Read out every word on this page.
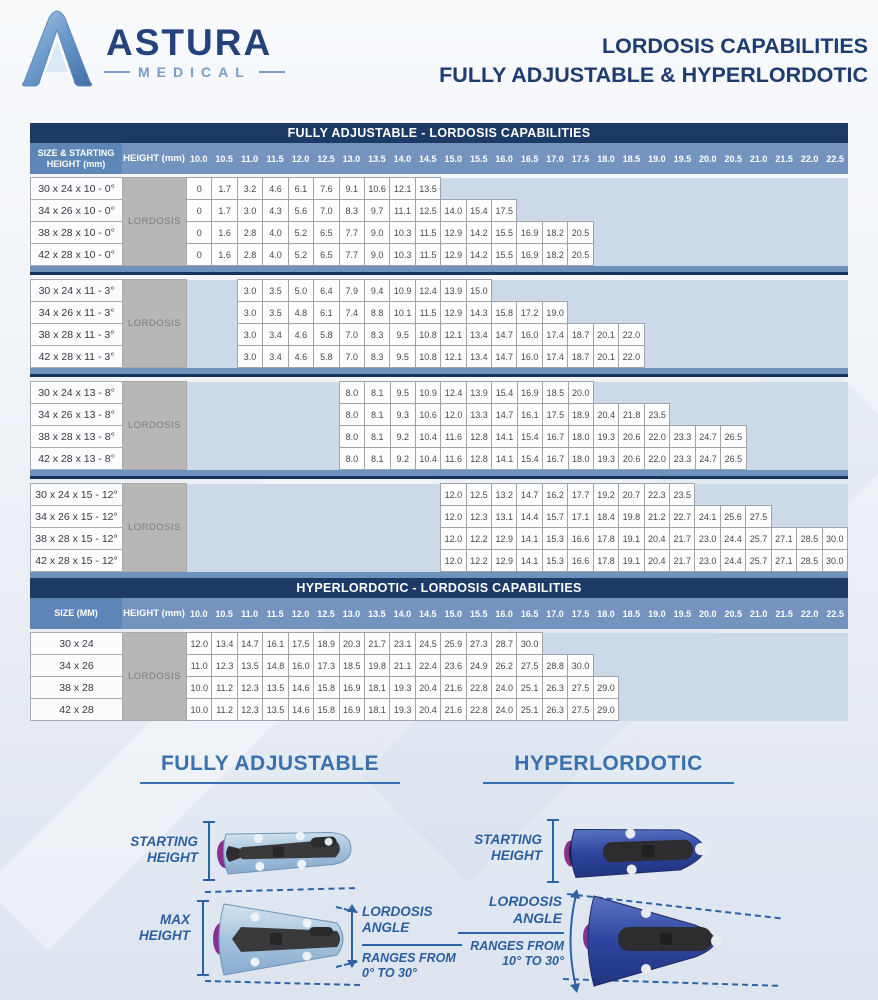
ASTURA
MEDICAL
LORDOSIS CAPABILITIES
FULLY ADJUSTABLE & HYPERLORDOTIC
FULLY ADJUSTABLE - LORDOSIS CAPABILITIES
SIZE & STARTING HEIGHT (mm)	HEIGHT (mm)	10.0	10.5	11.0	11.5	12.0	12.5	13.0	13.5	14.0	14.5	15.0	15.5	16.0	16.5	17.0	17.5	18.0	18.5	19.0	19.5	20.0	20.5	21.0	21.5	22.0	22.5
30 x 24 x 10 - 0°	LORDOSIS	0	1.7	3.2	4.6	6.1	7.6	9.1	10.6	12.1	13.5																
34 x 26 x 10 - 0°		0	1.7	3.0	4.3	5.6	7.0	8.3	9.7	11.1	12.5	14.0	15.4	17.5													
38 x 28 x 10 - 0°		0	1.6	2.8	4.0	5.2	6.5	7.7	9.0	10.3	11.5	12.9	14.2	15.5	16.9	18.2	20.5										
42 x 28 x 10 - 0°		0	1.6	2.8	4.0	5.2	6.5	7.7	9.0	10.3	11.5	12.9	14.2	15.5	16.9	18.2	20.5										
30 x 24 x 11 - 3°	LORDOSIS			3.0	3.5	5.0	6.4	7.9	9.4	10.9	12.4	13.9	15.0														
34 x 26 x 11 - 3°				3.0	3.5	4.8	6.1	7.4	8.8	10.1	11.5	12.9	14.3	15.8	17.2	19.0											
38 x 28 x 11 - 3°				3.0	3.4	4.6	5.8	7.0	8.3	9.5	10.8	12.1	13.4	14.7	16.0	17.4	18.7	20.1	22.0								
42 x 28 x 11 - 3°				3.0	3.4	4.6	5.8	7.0	8.3	9.5	10.8	12.1	13.4	14.7	16.0	17.4	18.7	20.1	22.0								
30 x 24 x 13 - 8°	LORDOSIS							8.0	8.1	9.5	10.9	12.4	13.9	15.4	16.9	18.5	20.0										
34 x 26 x 13 - 8°								8.0	8.1	9.3	10.6	12.0	13.3	14.7	16.1	17.5	18.9	20.4	21.8	23.5							
38 x 28 x 13 - 8°								8.0	8.1	9.2	10.4	11.6	12.8	14.1	15.4	16.7	18.0	19.3	20.6	22.0	23.3	24.7	26.5				
42 x 28 x 13 - 8°								8.0	8.1	9.2	10.4	11.6	12.8	14.1	15.4	16.7	18.0	19.3	20.6	22.0	23.3	24.7	26.5				
30 x 24 x 15 - 12°	LORDOSIS											12.0	12.5	13.2	14.7	16.2	17.7	19.2	20.7	22.3	23.5						
34 x 26 x 15 - 12°												12.0	12.3	13.1	14.4	15.7	17.1	18.4	19.8	21.2	22.7	24.1	25.6	27.5			
38 x 28 x 15 - 12°												12.0	12.2	12.9	14.1	15.3	16.6	17.8	19.1	20.4	21.7	23.0	24.4	25.7	27.1	28.5	30.0
42 x 28 x 15 - 12°												12.0	12.2	12.9	14.1	15.3	16.6	17.8	19.1	20.4	21.7	23.0	24.4	25.7	27.1	28.5	30.0
HYPERLORDOTIC - LORDOSIS CAPABILITIES
SIZE (MM)	HEIGHT (mm)	10.0	10.5	11.0	11.5	12.0	12.5	13.0	13.5	14.0	14.5	15.0	15.5	16.0	16.5	17.0	17.5	18.0	18.5	19.0	19.5	20.0	20.5	21.0	21.5	22.0	22.5
30 x 24	LORDOSIS	12.0	13.4	14.7	16.1	17.5	18.9	20.3	21.7	23.1	24.5	25.9	27.3	28.7	30.0												
34 x 26		11.0	12.3	13.5	14.8	16.0	17.3	18.5	19.8	21.1	22.4	23.6	24.9	26.2	27.5	28.8	30.0										
38 x 28		10.0	11.2	12.3	13.5	14.6	15.8	16.9	18.1	19.3	20.4	21.6	22.8	24.0	25.1	26.3	27.5	29.0									
42 x 28		10.0	11.2	12.3	13.5	14.6	15.8	16.9	18.1	19.3	20.4	21.6	22.8	24.0	25.1	26.3	27.5	29.0									
FULLY ADJUSTABLE	HYPERLORDOTIC
STARTING HEIGHT
MAX HEIGHT
LORDOSIS ANGLE
RANGES FROM 0° TO 30°
STARTING HEIGHT
LORDOSIS ANGLE
RANGES FROM 10° TO 30°
